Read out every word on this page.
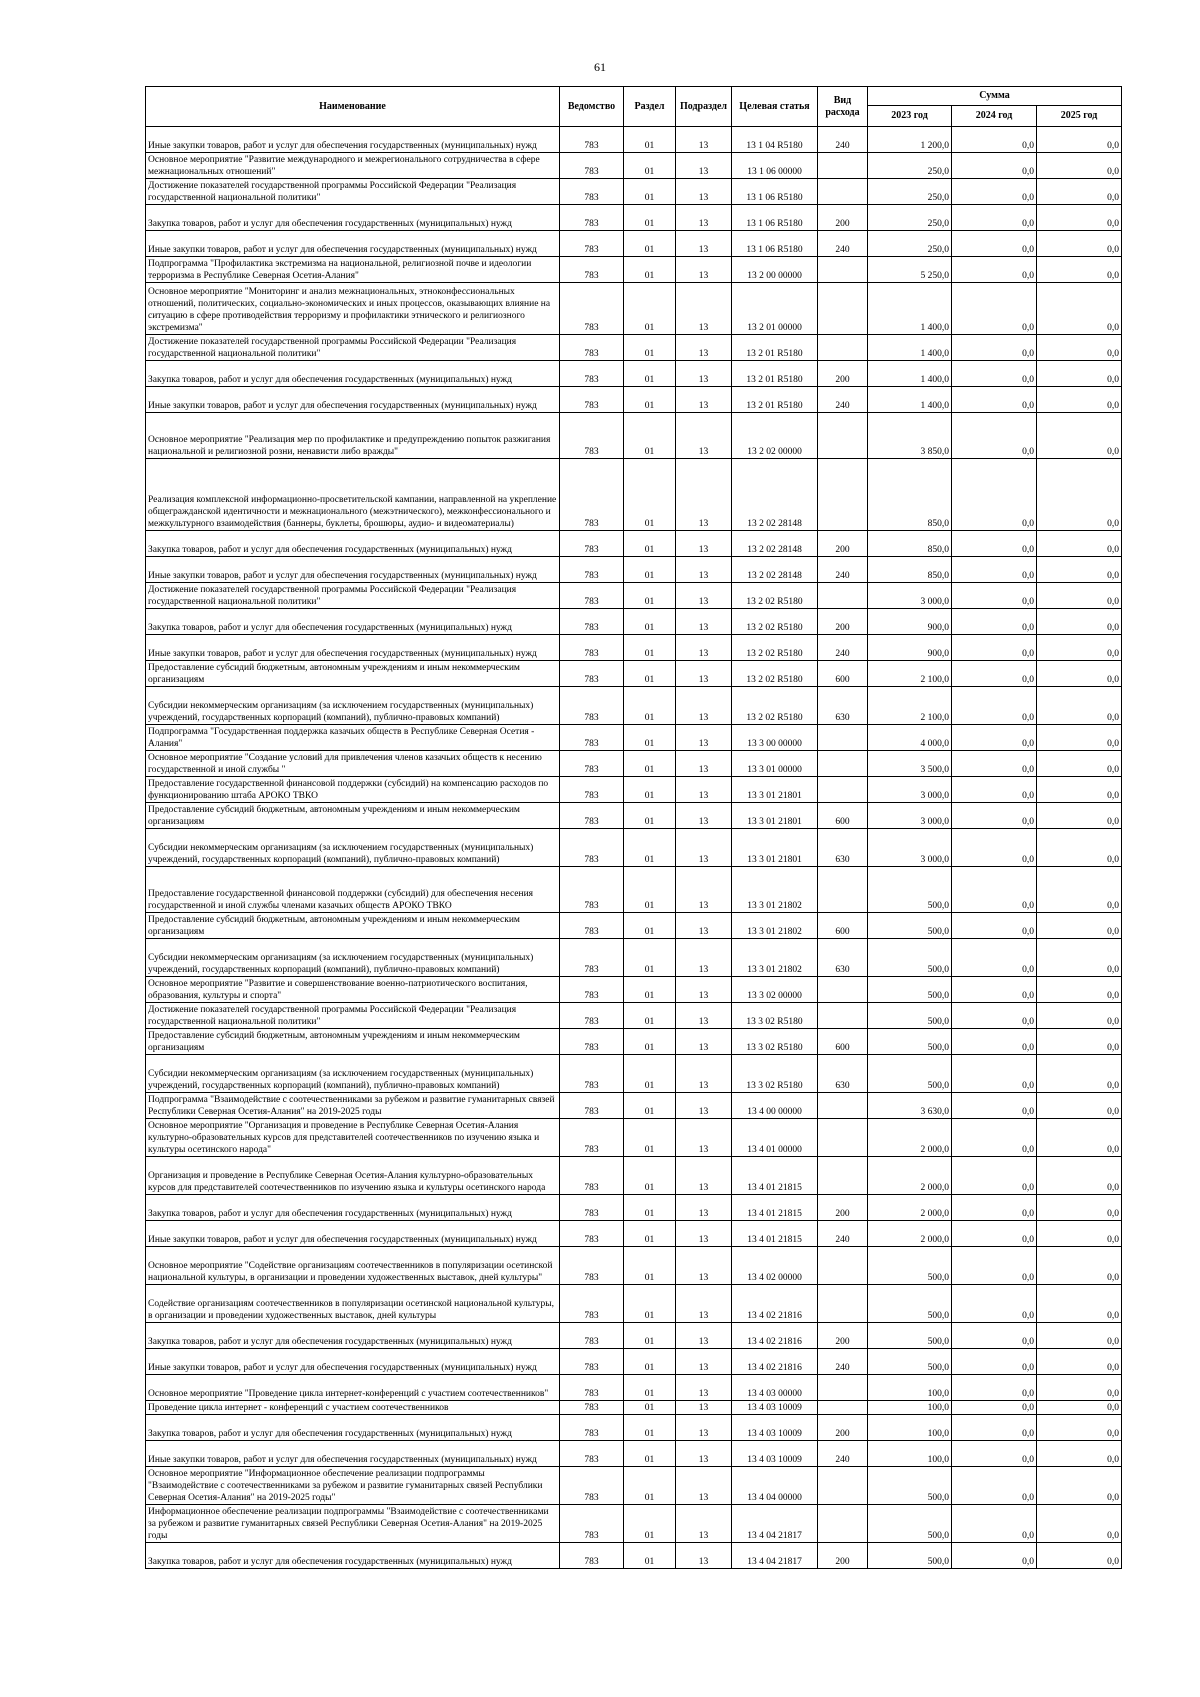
61
Наименование	Ведомство	Раздел	Подраздел	Целевая статья	Вид расхода	Сумма		
						2023 год	2024 год	2025 год
Иные закупки товаров, работ и услуг для обеспечения государственных (муниципальных) нужд	783	01	13	13 1 04 R5180	240	1 200,0	0,0	0,0
Основное мероприятие "Развитие международного и межрегионального сотрудничества в сфере межнациональных отношений"	783	01	13	13 1 06 00000		250,0	0,0	0,0
Достижение показателей государственной программы Российской Федерации "Реализация государственной национальной политики"	783	01	13	13 1 06 R5180		250,0	0,0	0,0
Закупка товаров, работ и услуг для обеспечения государственных (муниципальных) нужд	783	01	13	13 1 06 R5180	200	250,0	0,0	0,0
Иные закупки товаров, работ и услуг для обеспечения государственных (муниципальных) нужд	783	01	13	13 1 06 R5180	240	250,0	0,0	0,0
Подпрограмма "Профилактика экстремизма на национальной, религиозной почве и идеологии терроризма в Республике Северная Осетия-Алания"	783	01	13	13 2 00 00000		5 250,0	0,0	0,0
Основное мероприятие "Мониторинг и анализ межнациональных, этноконфессиональных отношений, политических, социально-экономических и иных процессов, оказывающих влияние на ситуацию в сфере противодействия терроризму и профилактики этнического и религиозного экстремизма"	783	01	13	13 2 01 00000		1 400,0	0,0	0,0
Достижение показателей государственной программы Российской Федерации "Реализация государственной национальной политики"	783	01	13	13 2 01 R5180		1 400,0	0,0	0,0
Закупка товаров, работ и услуг для обеспечения государственных (муниципальных) нужд	783	01	13	13 2 01 R5180	200	1 400,0	0,0	0,0
Иные закупки товаров, работ и услуг для обеспечения государственных (муниципальных) нужд	783	01	13	13 2 01 R5180	240	1 400,0	0,0	0,0
Основное мероприятие "Реализация мер по профилактике и предупреждению попыток разжигания национальной и религиозной розни, ненависти либо вражды"	783	01	13	13 2 02 00000		3 850,0	0,0	0,0
Реализация комплексной информационно-просветительской кампании, направленной на укрепление общегражданской идентичности и межнационального (межэтнического), межконфессионального и межкультурного взаимодействия (баннеры, буклеты, брошюры, аудио- и видеоматериалы)	783	01	13	13 2 02 28148		850,0	0,0	0,0
Закупка товаров, работ и услуг для обеспечения государственных (муниципальных) нужд	783	01	13	13 2 02 28148	200	850,0	0,0	0,0
Иные закупки товаров, работ и услуг для обеспечения государственных (муниципальных) нужд	783	01	13	13 2 02 28148	240	850,0	0,0	0,0
Достижение показателей государственной программы Российской Федерации "Реализация государственной национальной политики"	783	01	13	13 2 02 R5180		3 000,0	0,0	0,0
Закупка товаров, работ и услуг для обеспечения государственных (муниципальных) нужд	783	01	13	13 2 02 R5180	200	900,0	0,0	0,0
Иные закупки товаров, работ и услуг для обеспечения государственных (муниципальных) нужд	783	01	13	13 2 02 R5180	240	900,0	0,0	0,0
Предоставление субсидий бюджетным, автономным учреждениям и иным некоммерческим организациям	783	01	13	13 2 02 R5180	600	2 100,0	0,0	0,0
Субсидии некоммерческим организациям (за исключением государственных (муниципальных) учреждений, государственных корпораций (компаний), публично-правовых компаний)	783	01	13	13 2 02 R5180	630	2 100,0	0,0	0,0
Подпрограмма "Государственная поддержка казачьих обществ в Республике Северная Осетия - Алания"	783	01	13	13 3 00 00000		4 000,0	0,0	0,0
Основное мероприятие "Создание условий для привлечения членов казачьих обществ к несению государственной и иной службы "	783	01	13	13 3 01 00000		3 500,0	0,0	0,0
Предоставление государственной финансовой поддержки (субсидий) на компенсацию расходов по функционированию штаба АРОКО ТВКО	783	01	13	13 3 01 21801		3 000,0	0,0	0,0
Предоставление субсидий бюджетным, автономным учреждениям и иным некоммерческим организациям	783	01	13	13 3 01 21801	600	3 000,0	0,0	0,0
Субсидии некоммерческим организациям (за исключением государственных (муниципальных) учреждений, государственных корпораций (компаний), публично-правовых компаний)	783	01	13	13 3 01 21801	630	3 000,0	0,0	0,0
Предоставление государственной финансовой поддержки (субсидий) для обеспечения несения государственной и иной службы членами казачьих обществ АРОКО ТВКО	783	01	13	13 3 01 21802		500,0	0,0	0,0
Предоставление субсидий бюджетным, автономным учреждениям и иным некоммерческим организациям	783	01	13	13 3 01 21802	600	500,0	0,0	0,0
Субсидии некоммерческим организациям (за исключением государственных (муниципальных) учреждений, государственных корпораций (компаний), публично-правовых компаний)	783	01	13	13 3 01 21802	630	500,0	0,0	0,0
Основное мероприятие "Развитие и совершенствование военно-патриотического воспитания, образования, культуры и спорта"	783	01	13	13 3 02 00000		500,0	0,0	0,0
Достижение показателей государственной программы Российской Федерации "Реализация государственной национальной политики"	783	01	13	13 3 02 R5180		500,0	0,0	0,0
Предоставление субсидий бюджетным, автономным учреждениям и иным некоммерческим организациям	783	01	13	13 3 02 R5180	600	500,0	0,0	0,0
Субсидии некоммерческим организациям (за исключением государственных (муниципальных) учреждений, государственных корпораций (компаний), публично-правовых компаний)	783	01	13	13 3 02 R5180	630	500,0	0,0	0,0
Подпрограмма "Взаимодействие с соотечественниками за рубежом и развитие гуманитарных связей Республики Северная Осетия-Алания" на 2019-2025 годы	783	01	13	13 4 00 00000		3 630,0	0,0	0,0
Основное мероприятие "Организация и проведение в Республике Северная Осетия-Алания культурно-образовательных курсов для представителей соотечественников по изучению языка и культуры осетинского народа"	783	01	13	13 4 01 00000		2 000,0	0,0	0,0
Организация и проведение в Республике Северная Осетия-Алания культурно-образовательных курсов для представителей соотечественников по изучению языка и культуры осетинского народа	783	01	13	13 4 01 21815		2 000,0	0,0	0,0
Закупка товаров, работ и услуг для обеспечения государственных (муниципальных) нужд	783	01	13	13 4 01 21815	200	2 000,0	0,0	0,0
Иные закупки товаров, работ и услуг для обеспечения государственных (муниципальных) нужд	783	01	13	13 4 01 21815	240	2 000,0	0,0	0,0
Основное мероприятие "Содействие организациям соотечественников в популяризации осетинской национальной культуры, в организации и проведении художественных выставок, дней культуры"	783	01	13	13 4 02 00000		500,0	0,0	0,0
Содействие организациям соотечественников в популяризации осетинской национальной культуры, в организации и проведении художественных выставок, дней культуры	783	01	13	13 4 02 21816		500,0	0,0	0,0
Закупка товаров, работ и услуг для обеспечения государственных (муниципальных) нужд	783	01	13	13 4 02 21816	200	500,0	0,0	0,0
Иные закупки товаров, работ и услуг для обеспечения государственных (муниципальных) нужд	783	01	13	13 4 02 21816	240	500,0	0,0	0,0
Основное мероприятие "Проведение цикла интернет-конференций с участием соотечественников"	783	01	13	13 4 03 00000		100,0	0,0	0,0
Проведение цикла интернет - конференций с участием соотечественников	783	01	13	13 4 03 10009		100,0	0,0	0,0
Закупка товаров, работ и услуг для обеспечения государственных (муниципальных) нужд	783	01	13	13 4 03 10009	200	100,0	0,0	0,0
Иные закупки товаров, работ и услуг для обеспечения государственных (муниципальных) нужд	783	01	13	13 4 03 10009	240	100,0	0,0	0,0
Основное мероприятие "Информационное обеспечение реализации подпрограммы "Взаимодействие с соотечественниками за рубежом и развитие гуманитарных связей Республики Северная Осетия-Алания" на 2019-2025 годы"	783	01	13	13 4 04 00000		500,0	0,0	0,0
Информационное обеспечение реализации подпрограммы "Взаимодействие с соотечественниками за рубежом и развитие гуманитарных связей Республики Северная Осетия-Алания" на 2019-2025 годы	783	01	13	13 4 04 21817		500,0	0,0	0,0
Закупка товаров, работ и услуг для обеспечения государственных (муниципальных) нужд	783	01	13	13 4 04 21817	200	500,0	0,0	0,0
